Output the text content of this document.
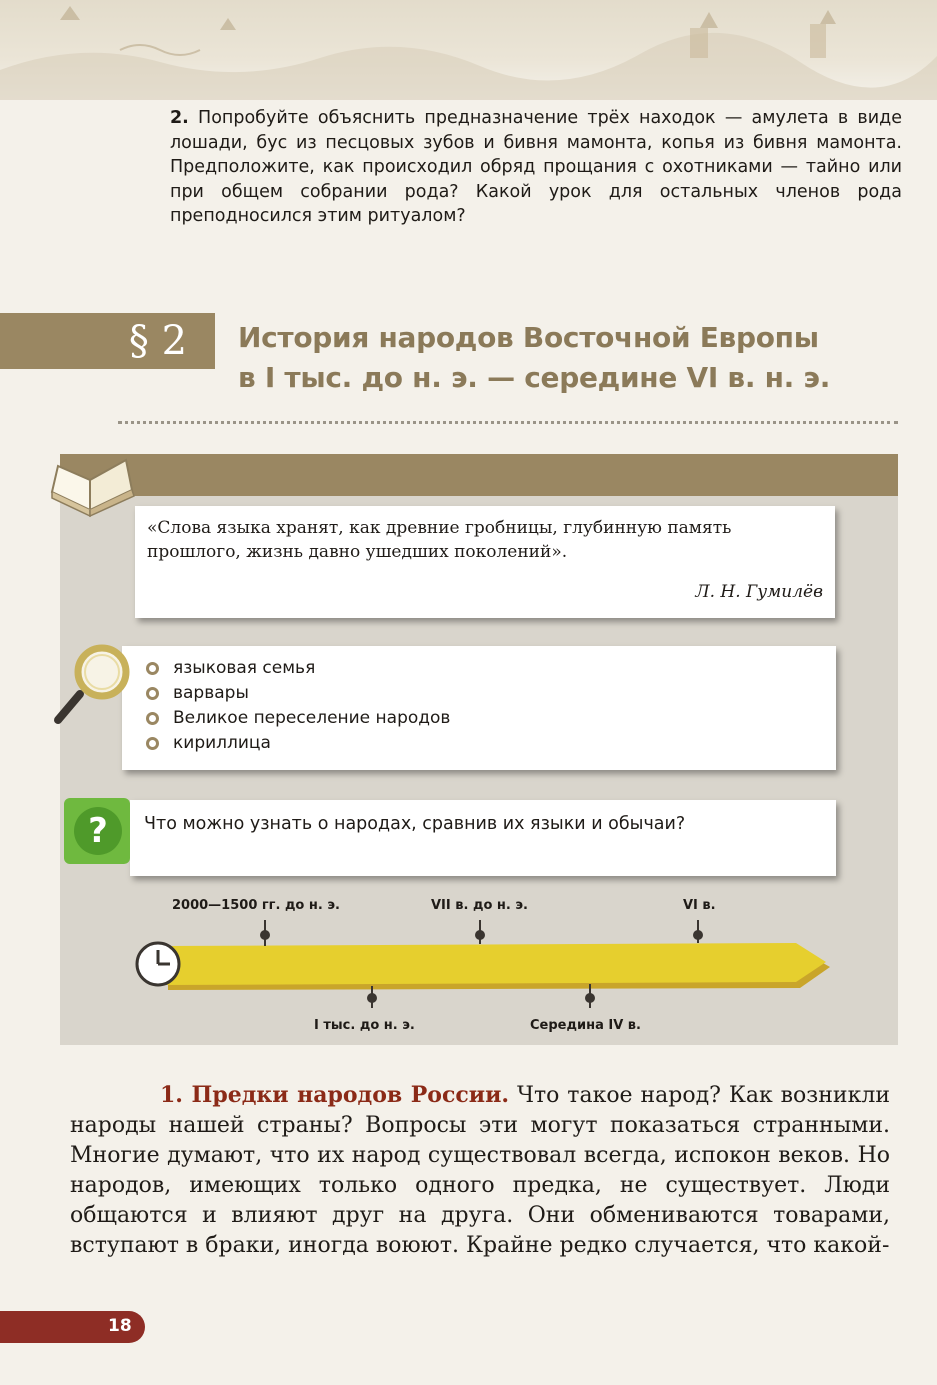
2. Попробуйте объяснить предназначение трёх находок — амулета в виде лошади, бус из песцовых зубов и бивня мамонта, копья из бивня мамонта. Предположите, как происходил обряд прощания с охотниками — тайно или при общем собрании рода? Какой урок для остальных членов рода преподносился этим ритуалом?
§ 2	История народов Восточной Европы
в I тыс. до н. э. — середине VI в. н. э.
«Слова языка хранят, как древние гробницы, глубинную память прошлого, жизнь давно ушедших поколений».
Л. Н. Гумилёв
языковая семья
варвары
Великое переселение народов
кириллица
Что можно узнать о народах, сравнив их языки и обычаи?
?
2000—1500 гг. до н. э.	VII в. до н. э.	VI в.
I тыс. до н. э.	Середина IV в.
1. Предки народов России. Что такое народ? Как возникли народы нашей страны? Вопросы эти могут показаться странными. Многие думают, что их народ существовал всегда, испокон веков. Но народов, имеющих только одного предка, не существует. Люди общаются и влияют друг на друга. Они обмениваются товарами, вступают в браки, иногда воюют. Крайне редко случается, что какой-
18
